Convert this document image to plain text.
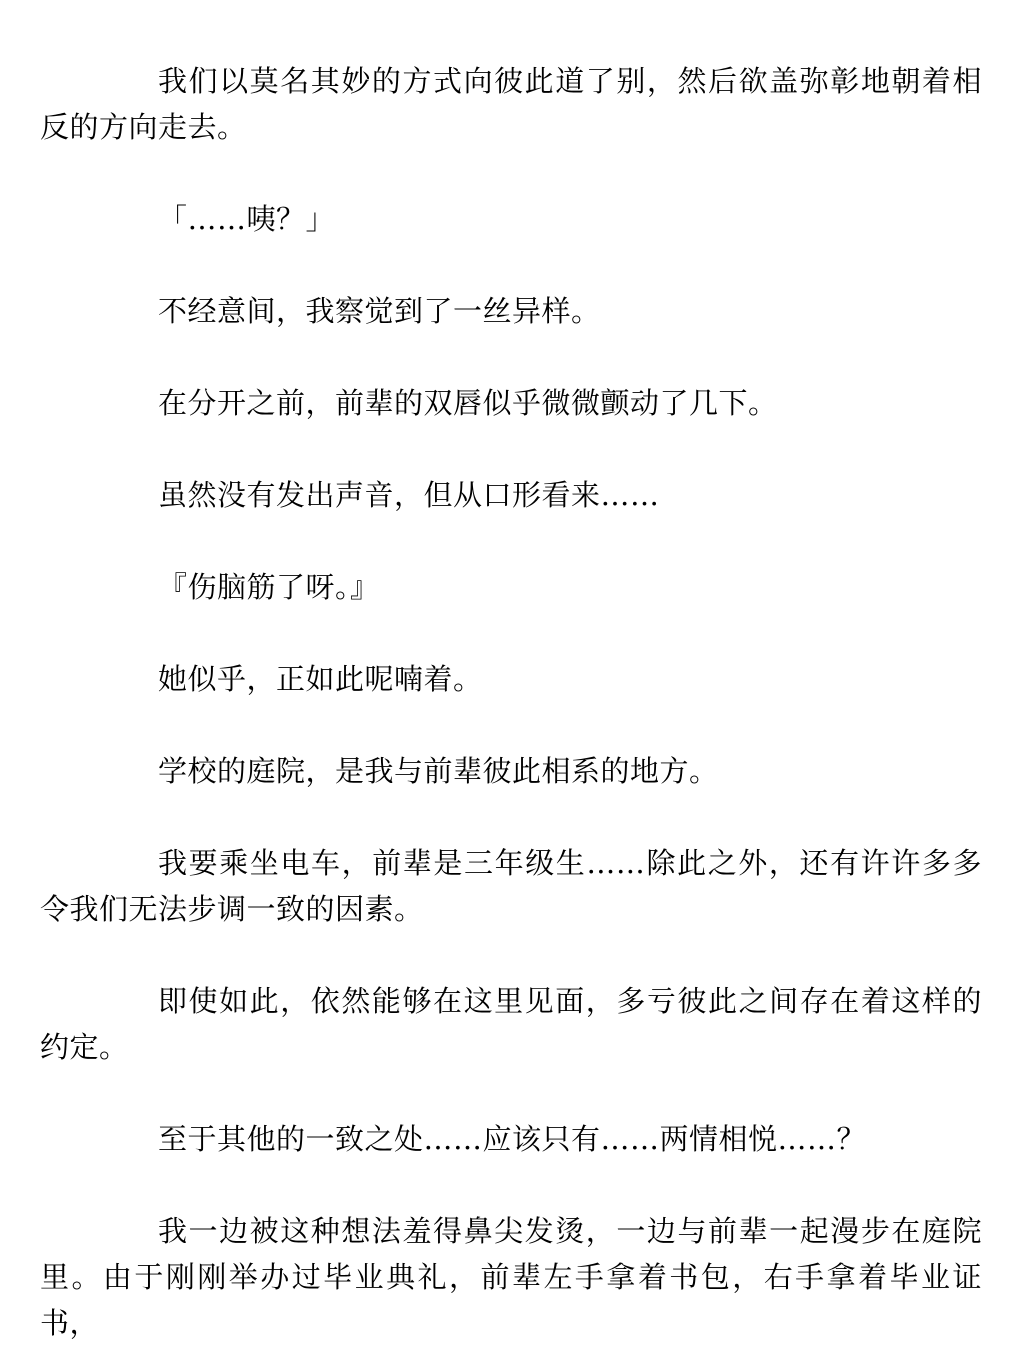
我们以莫名其妙的方式向彼此道了别，然后欲盖弥彰地朝着相反的方向走去。

「……咦？」

不经意间，我察觉到了一丝异样。

在分开之前，前辈的双唇似乎微微颤动了几下。

虽然没有发出声音，但从口形看来……

『伤脑筋了呀。』

她似乎，正如此呢喃着。

学校的庭院，是我与前辈彼此相系的地方。

我要乘坐电车，前辈是三年级生……除此之外，还有许许多多令我们无法步调一致的因素。

即使如此，依然能够在这里见面，多亏彼此之间存在着这样的约定。

至于其他的一致之处……应该只有……两情相悦……？

我一边被这种想法羞得鼻尖发烫，一边与前辈一起漫步在庭院里。由于刚刚举办过毕业典礼，前辈左手拿着书包，右手拿着毕业证书，
